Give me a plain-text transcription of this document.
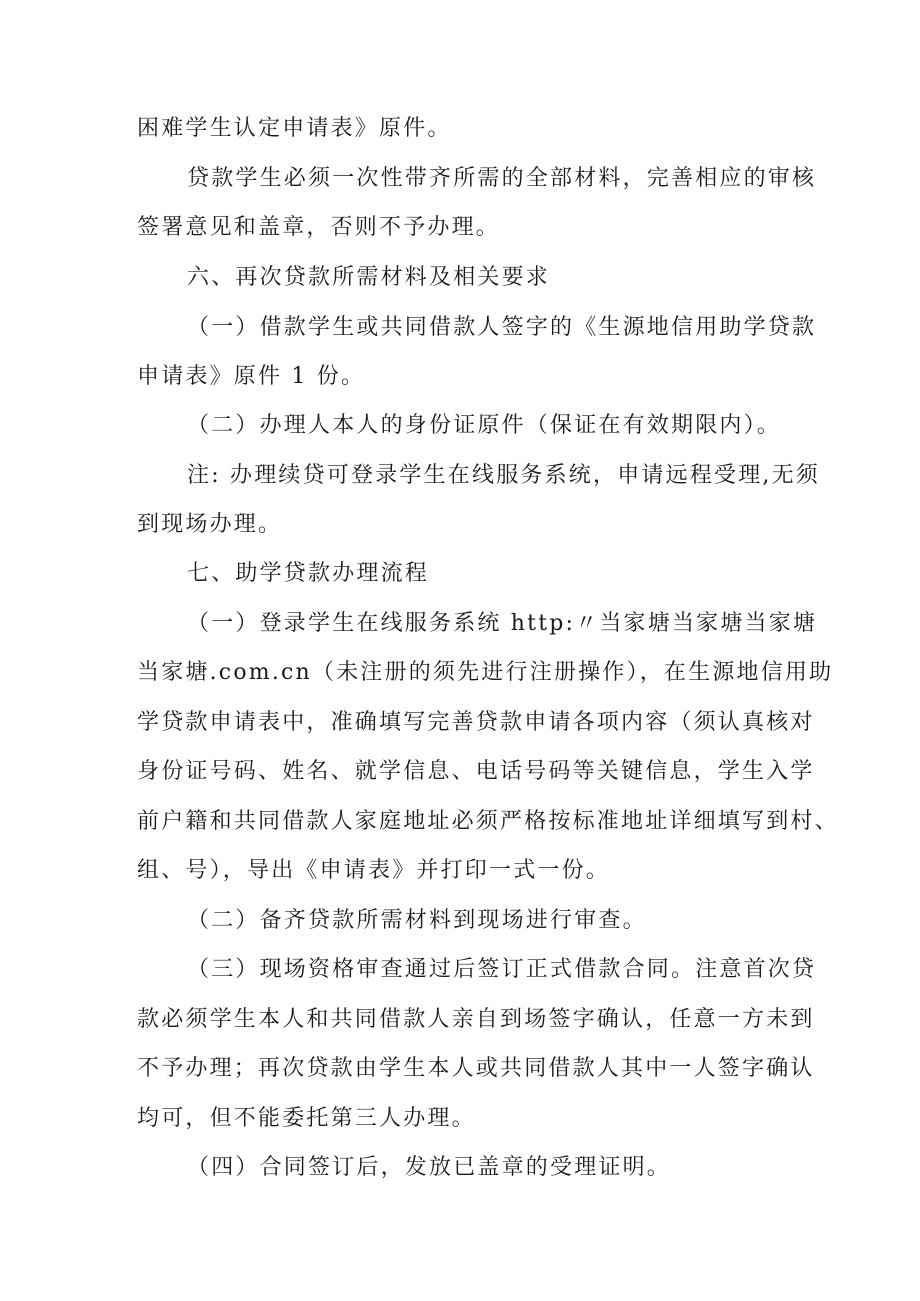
困难学生认定申请表》原件。
贷款学生必须一次性带齐所需的全部材料，完善相应的审核
签署意见和盖章，否则不予办理。
六、再次贷款所需材料及相关要求
（一）借款学生或共同借款人签字的《生源地信用助学贷款
申请表》原件 1 份。
（二）办理人本人的身份证原件（保证在有效期限内）。
注: 办理续贷可登录学生在线服务系统，申请远程受理,无须
到现场办理。
七、助学贷款办理流程
（一）登录学生在线服务系统 http:〃当家塘当家塘当家塘
当家塘.com.cn（未注册的须先进行注册操作），在生源地信用助
学贷款申请表中，准确填写完善贷款申请各项内容（须认真核对
身份证号码、姓名、就学信息、电话号码等关键信息，学生入学
前户籍和共同借款人家庭地址必须严格按标准地址详细填写到村、
组、号），导出《申请表》并打印一式一份。
（二）备齐贷款所需材料到现场进行审查。
（三）现场资格审查通过后签订正式借款合同。注意首次贷
款必须学生本人和共同借款人亲自到场签字确认，任意一方未到
不予办理；再次贷款由学生本人或共同借款人其中一人签字确认
均可，但不能委托第三人办理。
（四）合同签订后，发放已盖章的受理证明。
